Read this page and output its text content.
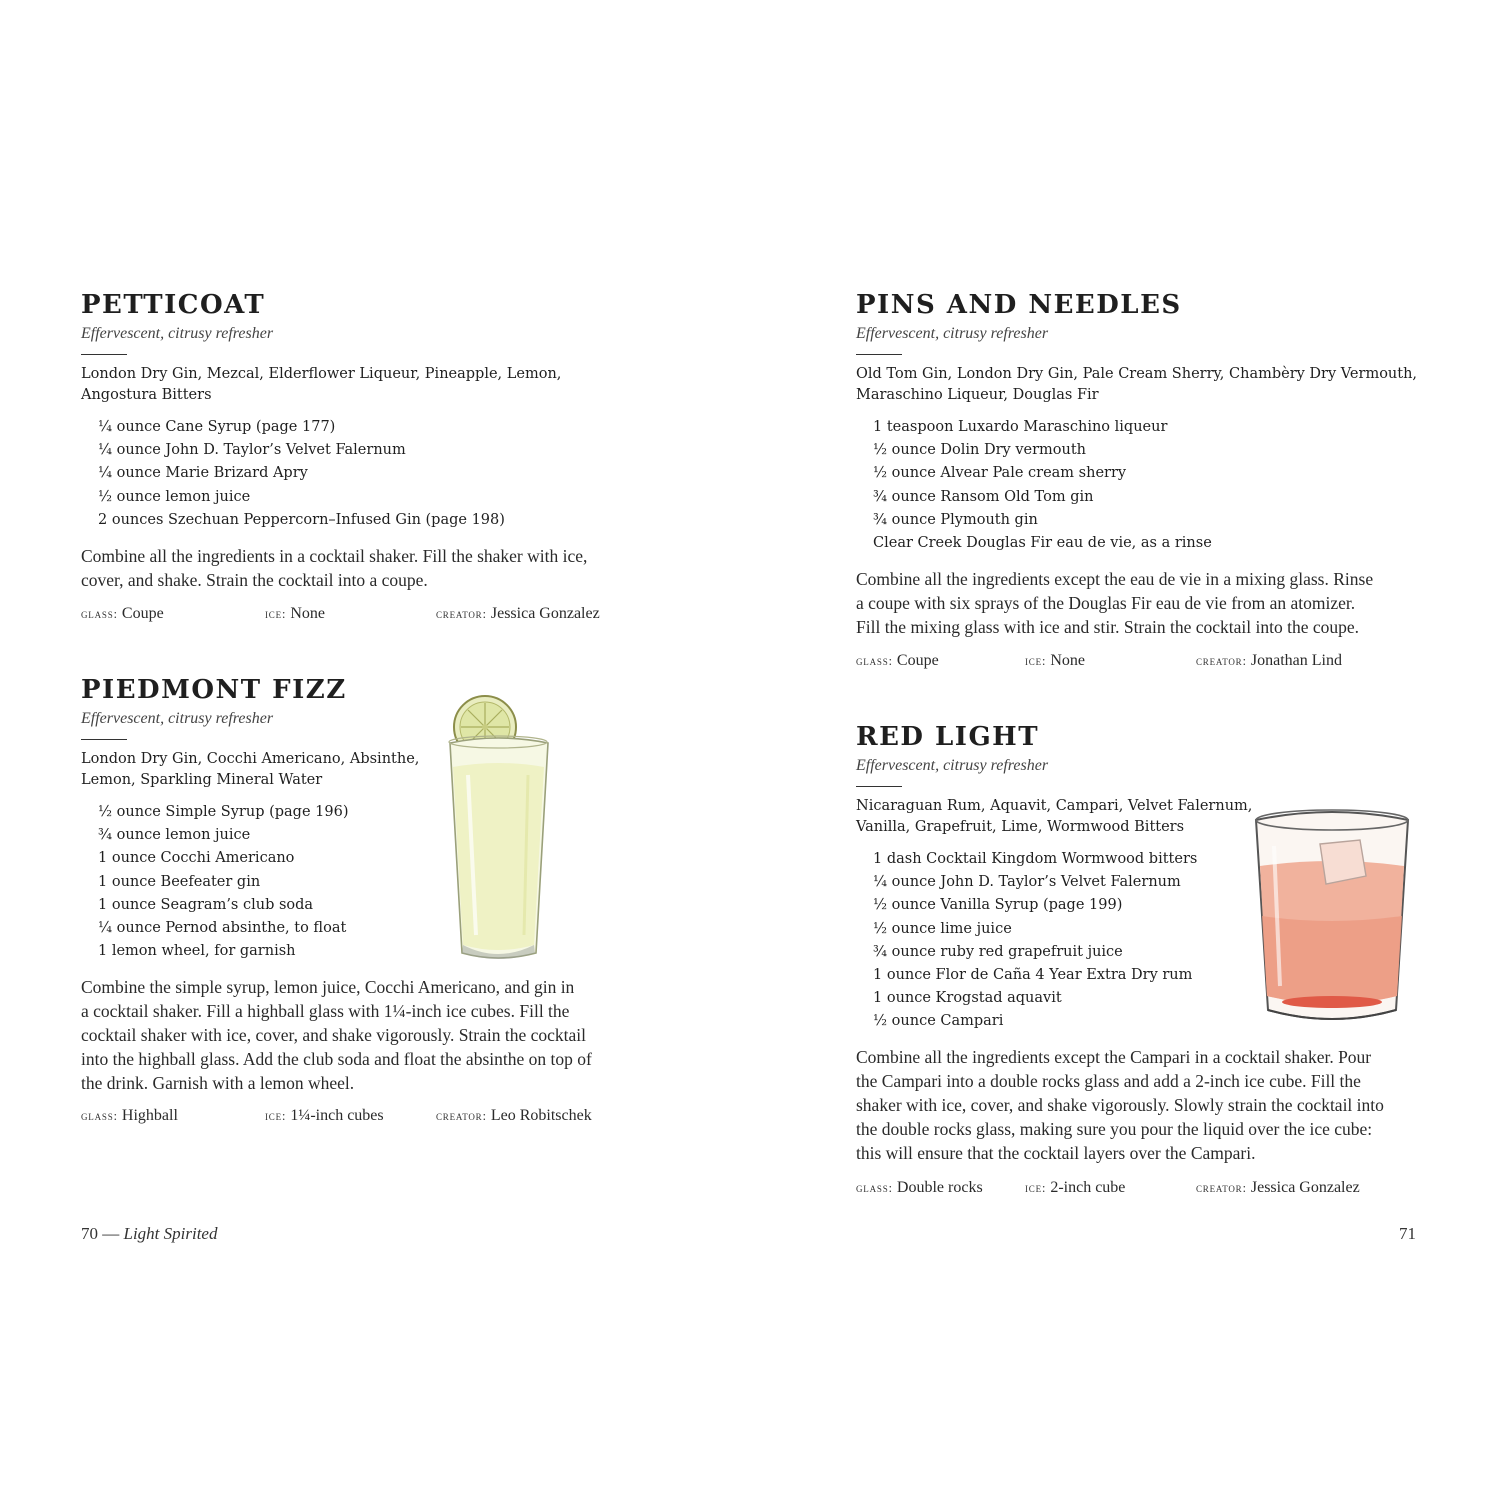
PETTICOAT
Effervescent, citrusy refresher
London Dry Gin, Mezcal, Elderflower Liqueur, Pineapple, Lemon,
Angostura Bitters
¼ ounce Cane Syrup (page 177)
¼ ounce John D. Taylor’s Velvet Falernum
¼ ounce Marie Brizard Apry
½ ounce lemon juice
2 ounces Szechuan Peppercorn–Infused Gin (page 198)
Combine all the ingredients in a cocktail shaker. Fill the shaker with ice,
cover, and shake. Strain the cocktail into a coupe.
glass: Coupe	ice: None	creator: Jessica Gonzalez
PIEDMONT FIZZ
Effervescent, citrusy refresher
London Dry Gin, Cocchi Americano, Absinthe,
Lemon, Sparkling Mineral Water
½ ounce Simple Syrup (page 196)
¾ ounce lemon juice
1 ounce Cocchi Americano
1 ounce Beefeater gin
1 ounce Seagram’s club soda
¼ ounce Pernod absinthe, to float
1 lemon wheel, for garnish
Combine the simple syrup, lemon juice, Cocchi Americano, and gin in
a cocktail shaker. Fill a highball glass with 1¼-inch ice cubes. Fill the
cocktail shaker with ice, cover, and shake vigorously. Strain the cocktail
into the highball glass. Add the club soda and float the absinthe on top of
the drink. Garnish with a lemon wheel.
glass: Highball	ice: 1¼-inch cubes	creator: Leo Robitschek
PINS AND NEEDLES
Effervescent, citrusy refresher
Old Tom Gin, London Dry Gin, Pale Cream Sherry, Chambèry Dry Vermouth,
Maraschino Liqueur, Douglas Fir
1 teaspoon Luxardo Maraschino liqueur
½ ounce Dolin Dry vermouth
½ ounce Alvear Pale cream sherry
¾ ounce Ransom Old Tom gin
¾ ounce Plymouth gin
Clear Creek Douglas Fir eau de vie, as a rinse
Combine all the ingredients except the eau de vie in a mixing glass. Rinse
a coupe with six sprays of the Douglas Fir eau de vie from an atomizer.
Fill the mixing glass with ice and stir. Strain the cocktail into the coupe.
glass: Coupe	ice: None	creator: Jonathan Lind
RED LIGHT
Effervescent, citrusy refresher
Nicaraguan Rum, Aquavit, Campari, Velvet Falernum,
Vanilla, Grapefruit, Lime, Wormwood Bitters
1 dash Cocktail Kingdom Wormwood bitters
¼ ounce John D. Taylor’s Velvet Falernum
½ ounce Vanilla Syrup (page 199)
½ ounce lime juice
¾ ounce ruby red grapefruit juice
1 ounce Flor de Caña 4 Year Extra Dry rum
1 ounce Krogstad aquavit
½ ounce Campari
Combine all the ingredients except the Campari in a cocktail shaker. Pour
the Campari into a double rocks glass and add a 2-inch ice cube. Fill the
shaker with ice, cover, and shake vigorously. Slowly strain the cocktail into
the double rocks glass, making sure you pour the liquid over the ice cube:
this will ensure that the cocktail layers over the Campari.
glass: Double rocks	ice: 2-inch cube	creator: Jessica Gonzalez
70 — Light Spirited	71
